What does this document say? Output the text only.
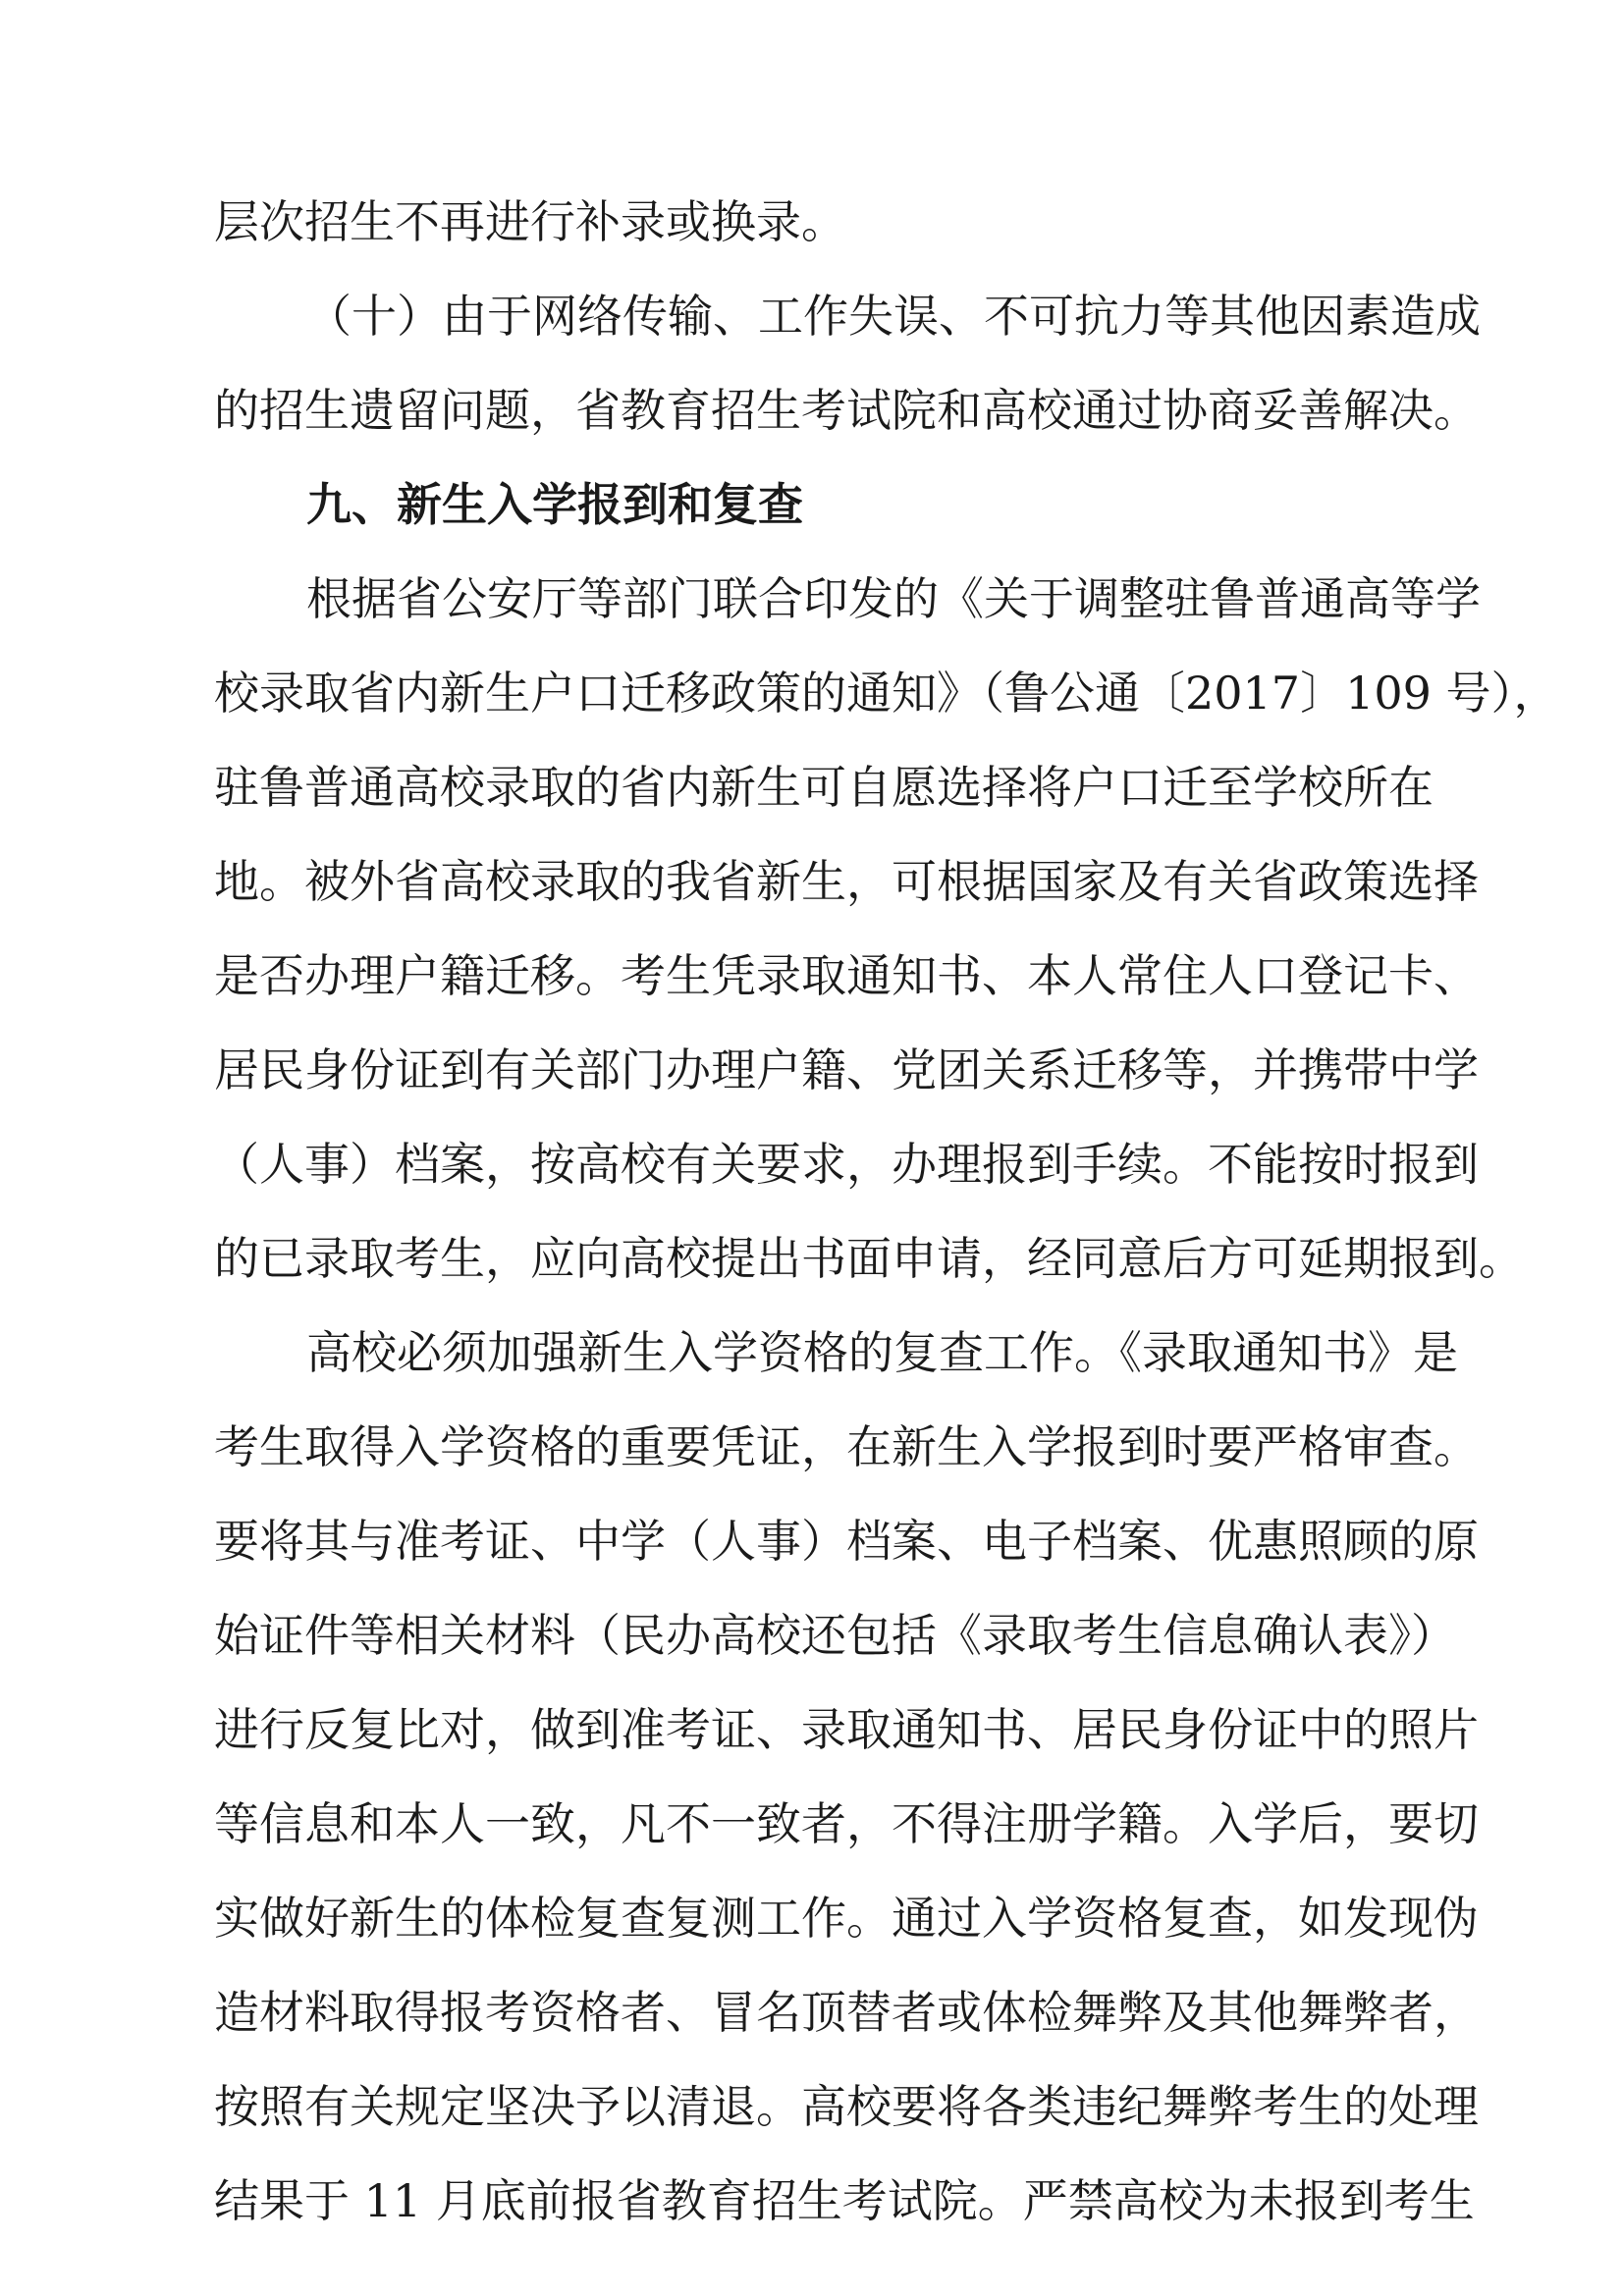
层次招生不再进行补录或换录。
（十）由于网络传输、工作失误、不可抗力等其他因素造成
的招生遗留问题，省教育招生考试院和高校通过协商妥善解决。
九、新生入学报到和复查
根据省公安厅等部门联合印发的《关于调整驻鲁普通高等学
校录取省内新生户口迁移政策的通知》（鲁公通〔2017〕109 号），
驻鲁普通高校录取的省内新生可自愿选择将户口迁至学校所在
地。被外省高校录取的我省新生，可根据国家及有关省政策选择
是否办理户籍迁移。考生凭录取通知书、本人常住人口登记卡、
居民身份证到有关部门办理户籍、党团关系迁移等，并携带中学
（人事）档案，按高校有关要求，办理报到手续。不能按时报到
的已录取考生，应向高校提出书面申请，经同意后方可延期报到。
高校必须加强新生入学资格的复查工作。《录取通知书》是
考生取得入学资格的重要凭证，在新生入学报到时要严格审查。
要将其与准考证、中学（人事）档案、电子档案、优惠照顾的原
始证件等相关材料（民办高校还包括《录取考生信息确认表》）
进行反复比对，做到准考证、录取通知书、居民身份证中的照片
等信息和本人一致，凡不一致者，不得注册学籍。入学后，要切
实做好新生的体检复查复测工作。通过入学资格复查，如发现伪
造材料取得报考资格者、冒名顶替者或体检舞弊及其他舞弊者，
按照有关规定坚决予以清退。高校要将各类违纪舞弊考生的处理
结果于 11 月底前报省教育招生考试院。严禁高校为未报到考生
